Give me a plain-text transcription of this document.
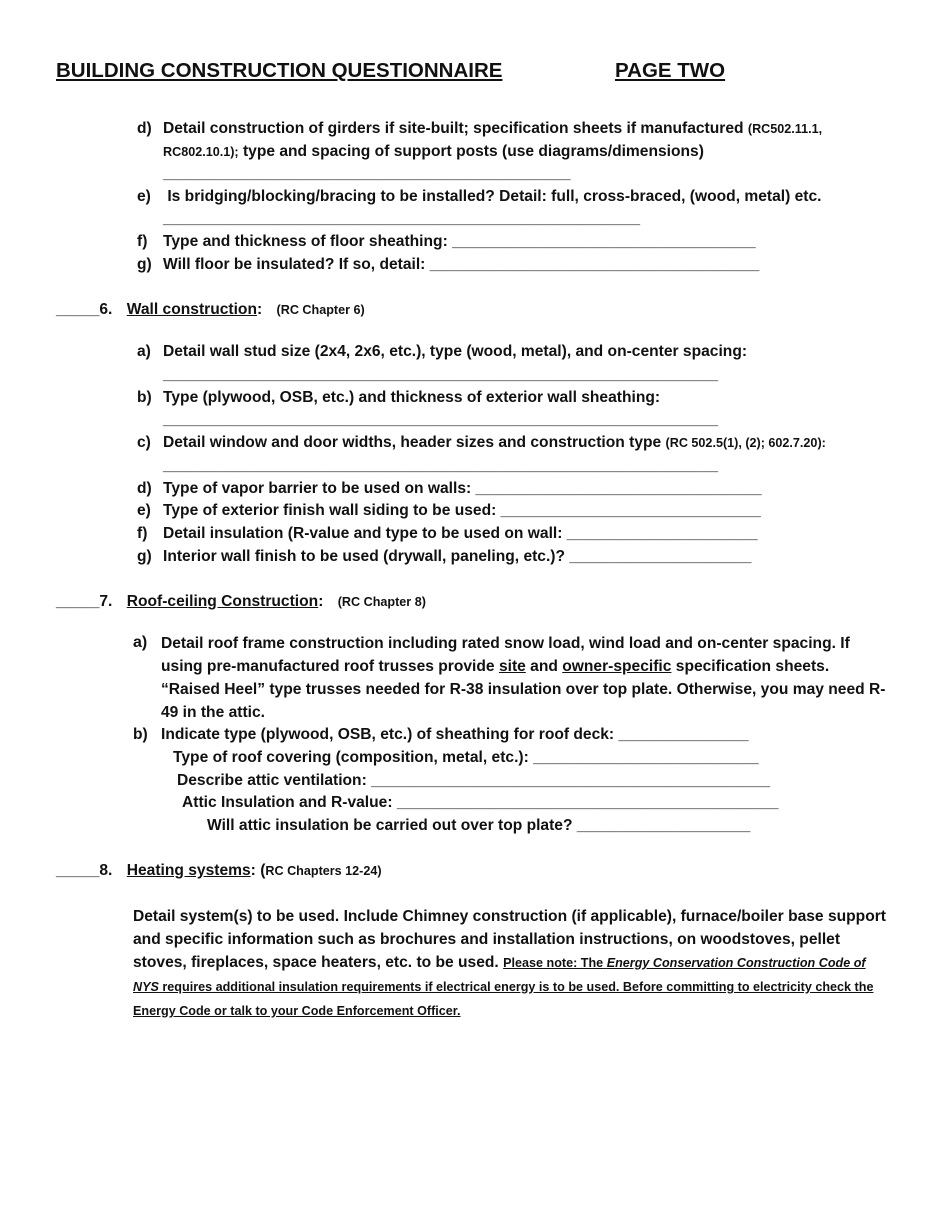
BUILDING CONSTRUCTION QUESTIONNAIRE	PAGE TWO
d) Detail construction of girders if site-built; specification sheets if manufactured (RC502.11.1,
RC802.10.1); type and spacing of support posts (use diagrams/dimensions)
_______________________________________________
e) Is bridging/blocking/bracing to be installed? Detail: full, cross-braced, (wood, metal) etc.
_______________________________________________________
f) Type and thickness of floor sheathing: ___________________________________
g) Will floor be insulated? If so, detail: ______________________________________
_____6. Wall construction: (RC Chapter 6)
a) Detail wall stud size (2x4, 2x6, etc.), type (wood, metal), and on-center spacing:
________________________________________________________________
b) Type (plywood, OSB, etc.) and thickness of exterior wall sheathing:
________________________________________________________________
c) Detail window and door widths, header sizes and construction type (RC 502.5(1), (2); 602.7.20):
________________________________________________________________
d) Type of vapor barrier to be used on walls: _________________________________
e) Type of exterior finish wall siding to be used: ______________________________
f) Detail insulation (R-value and type to be used on wall: ______________________
g) Interior wall finish to be used (drywall, paneling, etc.)? _____________________
_____7. Roof-ceiling Construction: (RC Chapter 8)
a) Detail roof frame construction including rated snow load, wind load and on-center spacing. If using pre-manufactured roof trusses provide site and owner-specific specification sheets. “Raised Heel” type trusses needed for R-38 insulation over top plate. Otherwise, you may need R-49 in the attic.
b) Indicate type (plywood, OSB, etc.) of sheathing for roof deck: _______________
Type of roof covering (composition, metal, etc.): __________________________
Describe attic ventilation: ______________________________________________
Attic Insulation and R-value: ____________________________________________
Will attic insulation be carried out over top plate? ____________________
_____8. Heating systems: (RC Chapters 12-24)
Detail system(s) to be used. Include Chimney construction (if applicable), furnace/boiler base support and specific information such as brochures and installation instructions, on woodstoves, pellet stoves, fireplaces, space heaters, etc. to be used. Please note: The Energy Conservation Construction Code of NYS requires additional insulation requirements if electrical energy is to be used. Before committing to electricity check the Energy Code or talk to your Code Enforcement Officer.
